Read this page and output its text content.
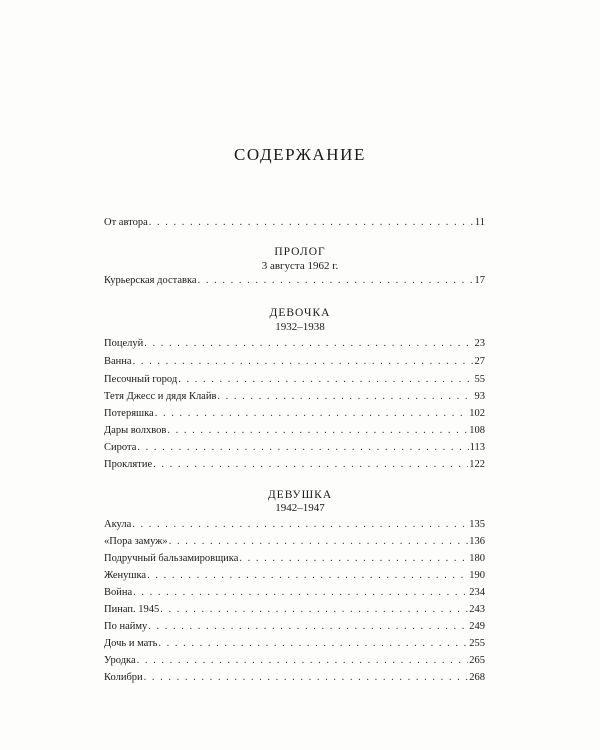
СОДЕРЖАНИЕ
От автора . . .	11
ПРОЛОГ
3 августа 1962 г.
Курьерская доставка . . .	17
ДЕВОЧКА
1932–1938
Поцелуй . . .	23
Ванна . . .	27
Песочный город . . .	55
Тетя Джесс и дядя Клайв . . .	93
Потеряшка . . .	102
Дары волхвов . . .	108
Сирота . . .	113
Проклятие . . .	122
ДЕВУШКА
1942–1947
Акула . . .	135
«Пора замуж» . . .	136
Подручный бальзамировщика . . .	180
Женушка . . .	190
Война . . .	234
Пинап. 1945 . . .	243
По найму . . .	249
Дочь и мать . . .	255
Уродка . . .	265
Колибри . . .	268
